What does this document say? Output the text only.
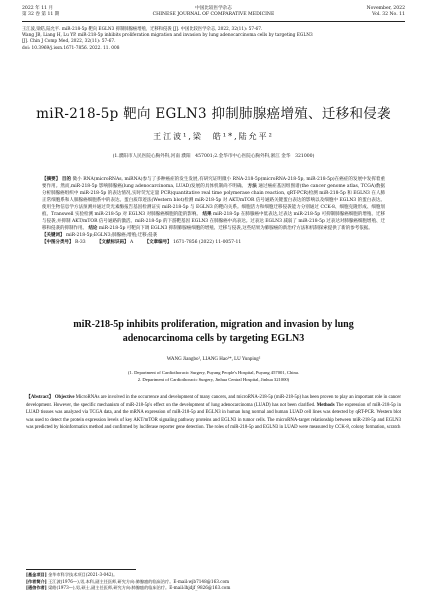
2022 年 11 月
第 32 卷 第 11 期
中国比较医学杂志
CHINESE JOURNAL OF COMPARATIVE MEDICINE
November, 2022
Vol. 32 No. 11
王江波,梁皓,陆允平. miR-218-5p 靶向 EGLN3 抑制肺腺癌增殖、迁移和侵袭 [J]. 中国比较医学杂志, 2022, 32(11): 57-67.
Wang JB, Liang H, Lu YP. miR-218-5p inhibits proliferation migration and invasion by lung adenocarcinoma cells by targeting EGLN3
[J]. Chin J Comp Med, 2022, 32(11): 57-67.
doi: 10.3969/j.issn.1671-7856. 2022. 11. 008
miR-218-5p 靶向 EGLN3 抑制肺腺癌增殖、迁移和侵袭
王江波¹,梁　皓¹*,陆允平²
(1.濮阳市人民医院心胸外科,河南 濮阳　457001;2.金华市中心医院心胸外科,浙江 金华　321000)
【摘要】 目的 微小 RNA(microRNAs, miRNA)参与了多种癌症的发生发展,有研究证明微小 RNA-218-5p(microRNA-218-5p, miR-218-5p)在癌症的发展中发挥着重要作用。然而,miR-218-5p 影响肺腺癌(lung adenocarcinoma, LUAD)发展的具体机制尚不明确。 方法 通过癌症基因组图谱(the cancer genome atlas, TCGA)数据分析肺腺癌组织中 miR-218-5p 的表达情况,实时荧光定量 PCR(quantitative real time polymerase chain reaction, qRT-PCR)检测 miR-218-5p 和 EGLN3 在人肺正常细胞系和人肺腺癌细胞系中的表达。蛋白质印迹法(Western blot)检测 miR-218-5p 对 AKT/mTOR 信号通路关键蛋白表达的影响以及细胞中 EGLN3 的蛋白表达。使用生物信息学方法预测并通过荧光素酶报告基因检测证实 miR-218-5p 与 EGLN3 的靶向关系。细胞活力和细胞迁移侵袭能力分别通过 CCK-8、细胞克隆形成、细胞划痕、Transwell 实验检测 miR-218-5p 对 EGLN3 对肺腺癌细胞的能的影响。 结果 miR-218-5p 在肺腺癌中低表达,过表达 miR-218-5p 可抑制肺腺癌细胞的增殖、迁移与侵袭,并抑制 AKT/mTOR 信号通路的激活。miR-218-5p 的下游靶基因 EGLN3 在肺腺癌中高表达。过表达 EGLN3 减弱了 miR-218-5p 过表达对肺腺癌细胞增殖、迁移和侵袭的抑制作用。 结论 miR-218-5p 可靶向下调 EGLN3 抑制肺腺癌细胞的增殖、迁移与侵袭,这些结果为肺腺癌的新治疗方法和机制探索提供了新的参考依据。
【关键词】 miR-218-5p;EGLN3;肺腺癌;增殖;迁移;侵袭
【中图分类号】 R-33	【文献标识码】 A	【文章编号】 1671-7856 (2022) 11-0057-11
miR-218-5p inhibits proliferation, migration and invasion by lung
adenocarcinoma cells by targeting EGLN3
WANG Jiangbo¹, LIANG Hao¹*, LU Yunping²
(1. Department of Cardiothoracic Surgery, Puyang People's Hospital, Puyang 457001, China.
2. Department of Cardiothoracic Surgery, Jinhua Central Hospital, Jinhua 321000)
【Abstract】 Objective MicroRNAs are involved in the occurrence and development of many cancers, and microRNA-218-5p (miR-218-5p) has been proven to play an important role in cancer development. However, the specific mechanism of miR-218-5p's effect on the development of lung adenocarcinoma (LUAD) has not been clarified. Methods The expression of miR-218-5p in LUAD tissues was analyzed via TCGA data, and the mRNA expression of miR-218-5p and EGLN3 in human lung normal and human LUAD cell lines was detected by qRT-PCR. Western blot was used to detect the protein expression levels of key AKT/mTOR signaling pathway proteins and EGLN3 in tumor cells. The microRNA-target relationship between miR-218-5p and EGLN3 was predicted by bioinformatics method and confirmed by luciferase reporter gene detection. The roles of miR-218-5p and EGLN3 in LUAD were measured by CCK-8, colony formation, scratch
[基金项目] 金华市科学技术项目(2021-3-042)。
[作者简介] 王江波(1976—),男,本科,副主任医师,研究方向:肺腺癌的临床治疗。E-mail:wjb7148@163.com
[通信作者] 梁皓(1973—),男,硕士,副主任医师,研究方向:肺腺癌的临床治疗。E-mail:lhjdjf_9826@163.com
